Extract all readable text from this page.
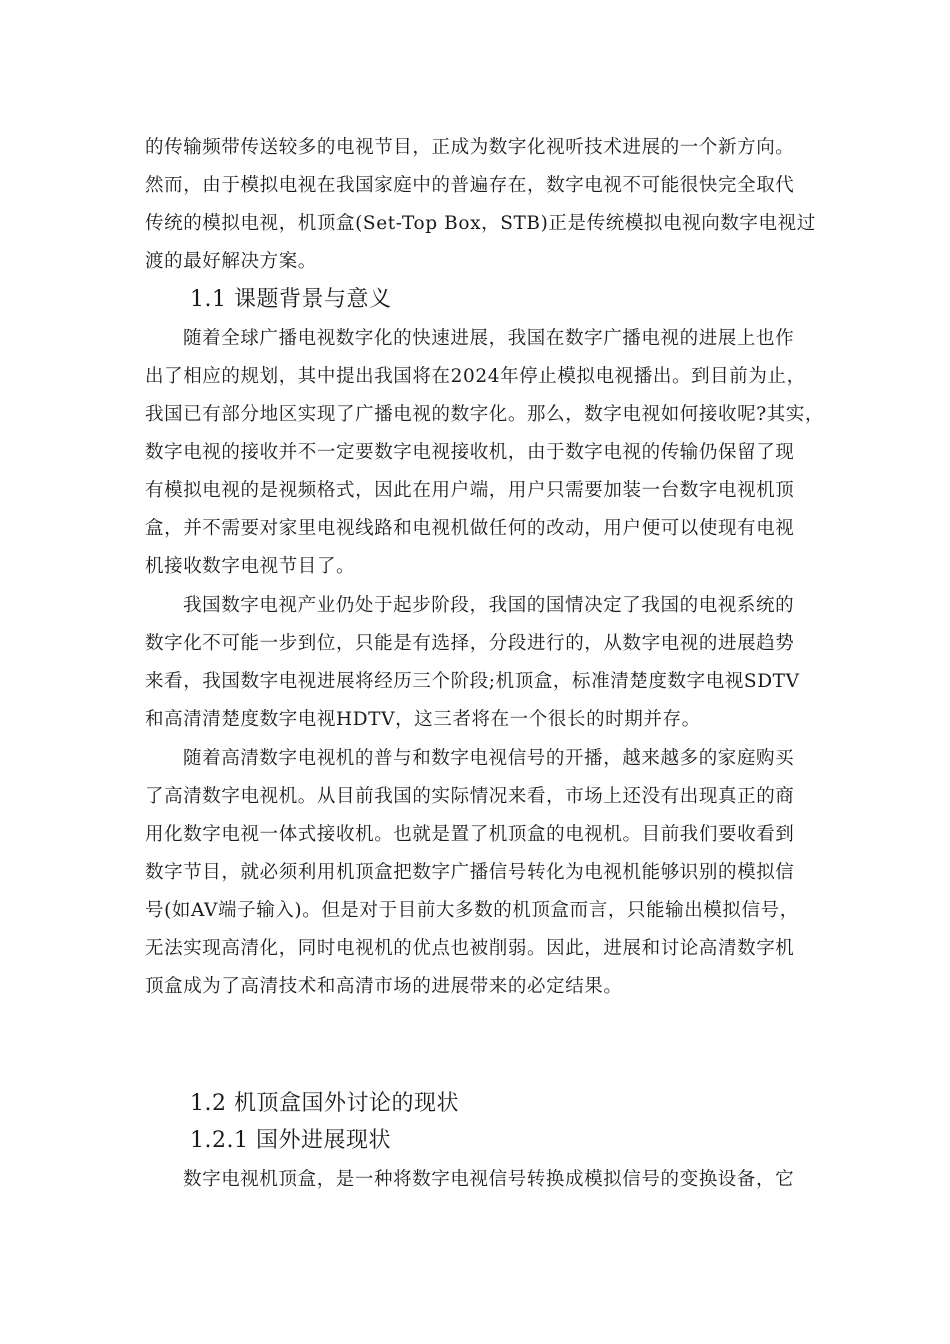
的传输频带传送较多的电视节目，正成为数字化视听技术进展的一个新方向。
然而，由于模拟电视在我国家庭中的普遍存在，数字电视不可能很快完全取代
传统的模拟电视，机顶盒(Set-Top Box，STB)正是传统模拟电视向数字电视过
渡的最好解决方案。
1.1 课题背景与意义
随着全球广播电视数字化的快速进展，我国在数字广播电视的进展上也作
出了相应的规划，其中提出我国将在2024年停止模拟电视播出。到目前为止，
我国已有部分地区实现了广播电视的数字化。那么，数字电视如何接收呢?其实，
数字电视的接收并不一定要数字电视接收机，由于数字电视的传输仍保留了现
有模拟电视的是视频格式，因此在用户端，用户只需要加装一台数字电视机顶
盒，并不需要对家里电视线路和电视机做任何的改动，用户便可以使现有电视
机接收数字电视节目了。
我国数字电视产业仍处于起步阶段，我国的国情决定了我国的电视系统的
数字化不可能一步到位，只能是有选择，分段进行的，从数字电视的进展趋势
来看，我国数字电视进展将经历三个阶段;机顶盒，标准清楚度数字电视SDTV
和高清清楚度数字电视HDTV，这三者将在一个很长的时期并存。
随着高清数字电视机的普与和数字电视信号的开播，越来越多的家庭购买
了高清数字电视机。从目前我国的实际情况来看，市场上还没有出现真正的商
用化数字电视一体式接收机。也就是置了机顶盒的电视机。目前我们要收看到
数字节目，就必须利用机顶盒把数字广播信号转化为电视机能够识别的模拟信
号(如AV端子输入)。但是对于目前大多数的机顶盒而言，只能输出模拟信号，
无法实现高清化，同时电视机的优点也被削弱。因此，进展和讨论高清数字机
顶盒成为了高清技术和高清市场的进展带来的必定结果。
1.2 机顶盒国外讨论的现状
1.2.1 国外进展现状
数字电视机顶盒，是一种将数字电视信号转换成模拟信号的变换设备，它
